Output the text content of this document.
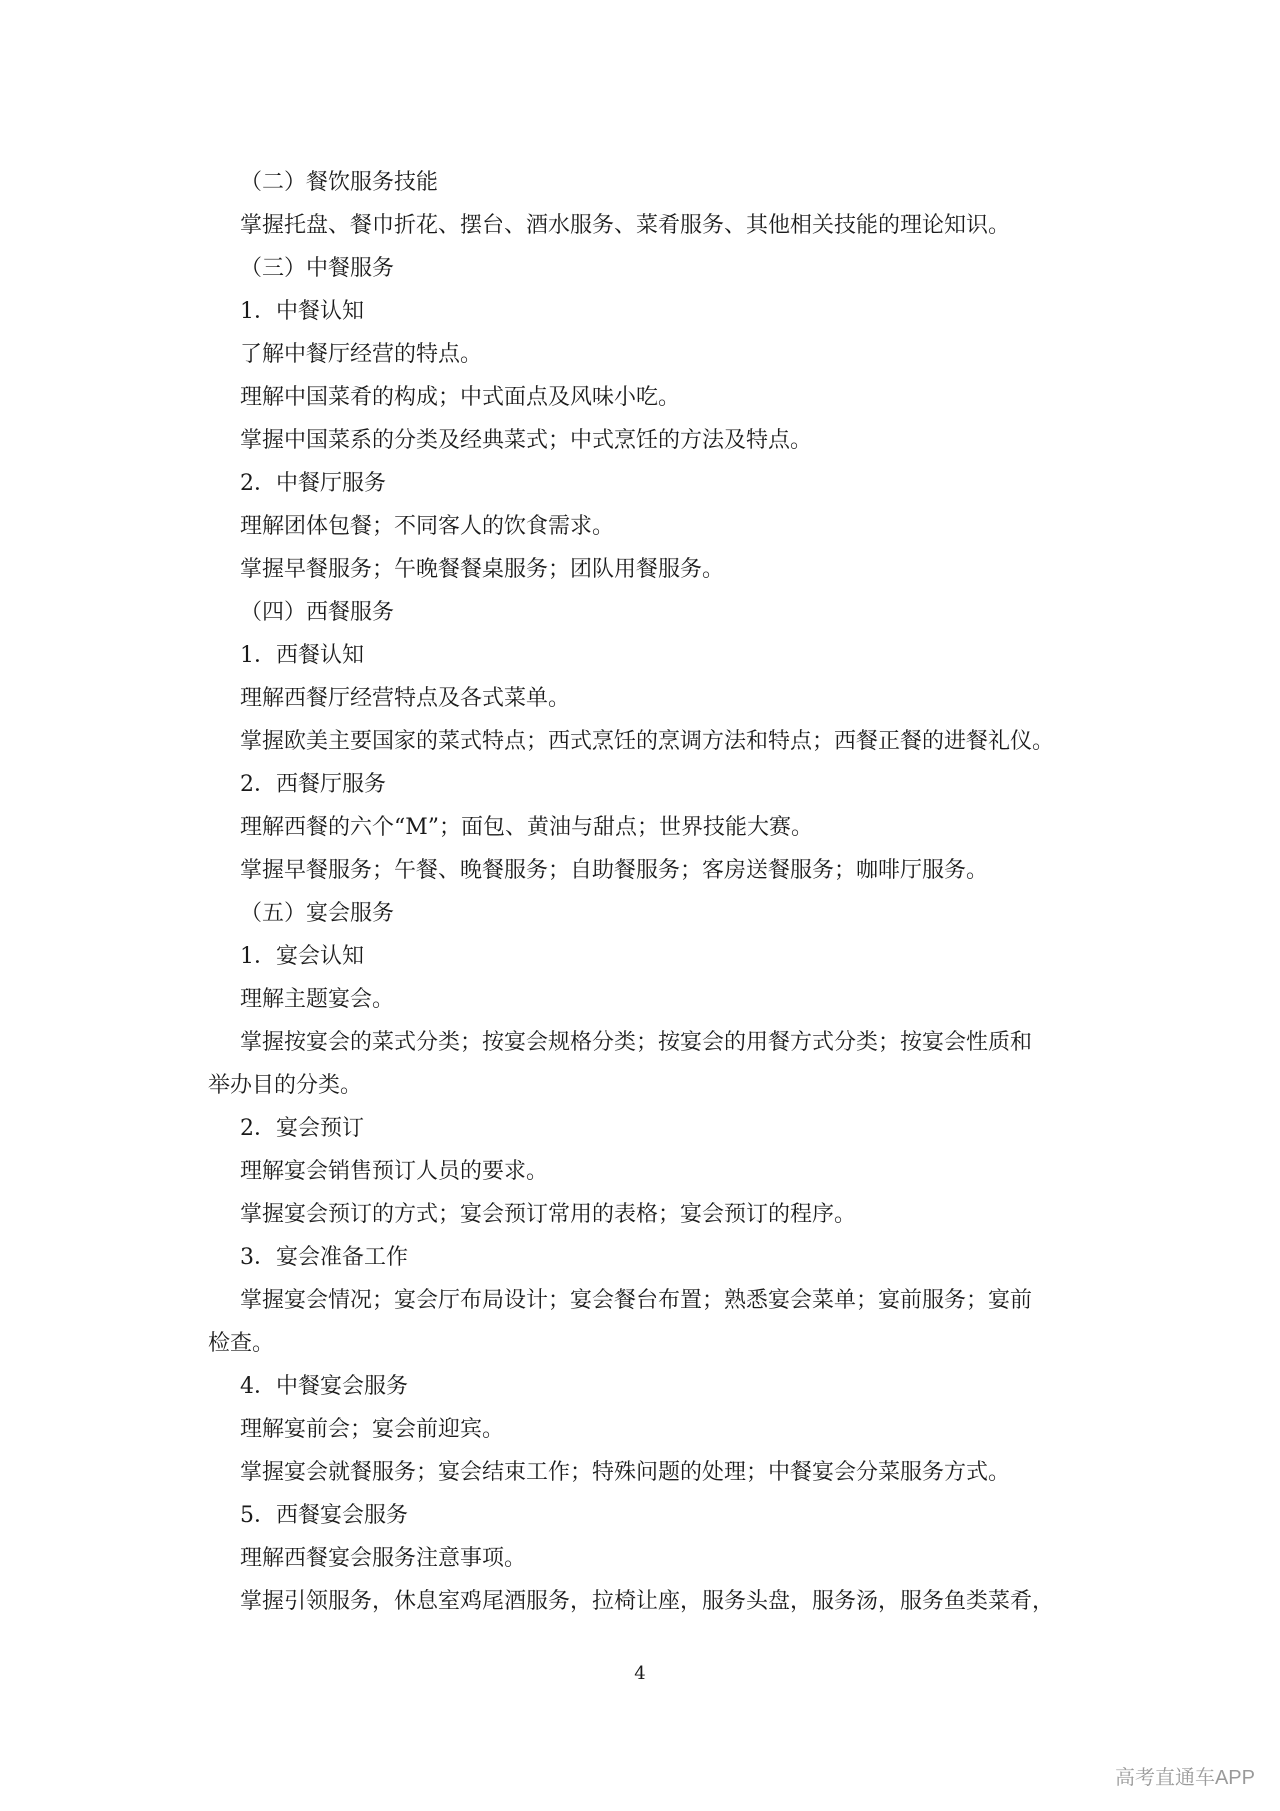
（二）餐饮服务技能
掌握托盘、餐巾折花、摆台、酒水服务、菜肴服务、其他相关技能的理论知识。
（三）中餐服务
1．中餐认知
了解中餐厅经营的特点。
理解中国菜肴的构成；中式面点及风味小吃。
掌握中国菜系的分类及经典菜式；中式烹饪的方法及特点。
2．中餐厅服务
理解团体包餐；不同客人的饮食需求。
掌握早餐服务；午晚餐餐桌服务；团队用餐服务。
（四）西餐服务
1．西餐认知
理解西餐厅经营特点及各式菜单。
掌握欧美主要国家的菜式特点；西式烹饪的烹调方法和特点；西餐正餐的进餐礼仪。
2．西餐厅服务
理解西餐的六个“M”；面包、黄油与甜点；世界技能大赛。
掌握早餐服务；午餐、晚餐服务；自助餐服务；客房送餐服务；咖啡厅服务。
（五）宴会服务
1．宴会认知
理解主题宴会。
掌握按宴会的菜式分类；按宴会规格分类；按宴会的用餐方式分类；按宴会性质和
举办目的分类。
2．宴会预订
理解宴会销售预订人员的要求。
掌握宴会预订的方式；宴会预订常用的表格；宴会预订的程序。
3．宴会准备工作
掌握宴会情况；宴会厅布局设计；宴会餐台布置；熟悉宴会菜单；宴前服务；宴前
检查。
4．中餐宴会服务
理解宴前会；宴会前迎宾。
掌握宴会就餐服务；宴会结束工作；特殊问题的处理；中餐宴会分菜服务方式。
5．西餐宴会服务
理解西餐宴会服务注意事项。
掌握引领服务，休息室鸡尾酒服务，拉椅让座，服务头盘，服务汤，服务鱼类菜肴，
4
高考直通车APP
